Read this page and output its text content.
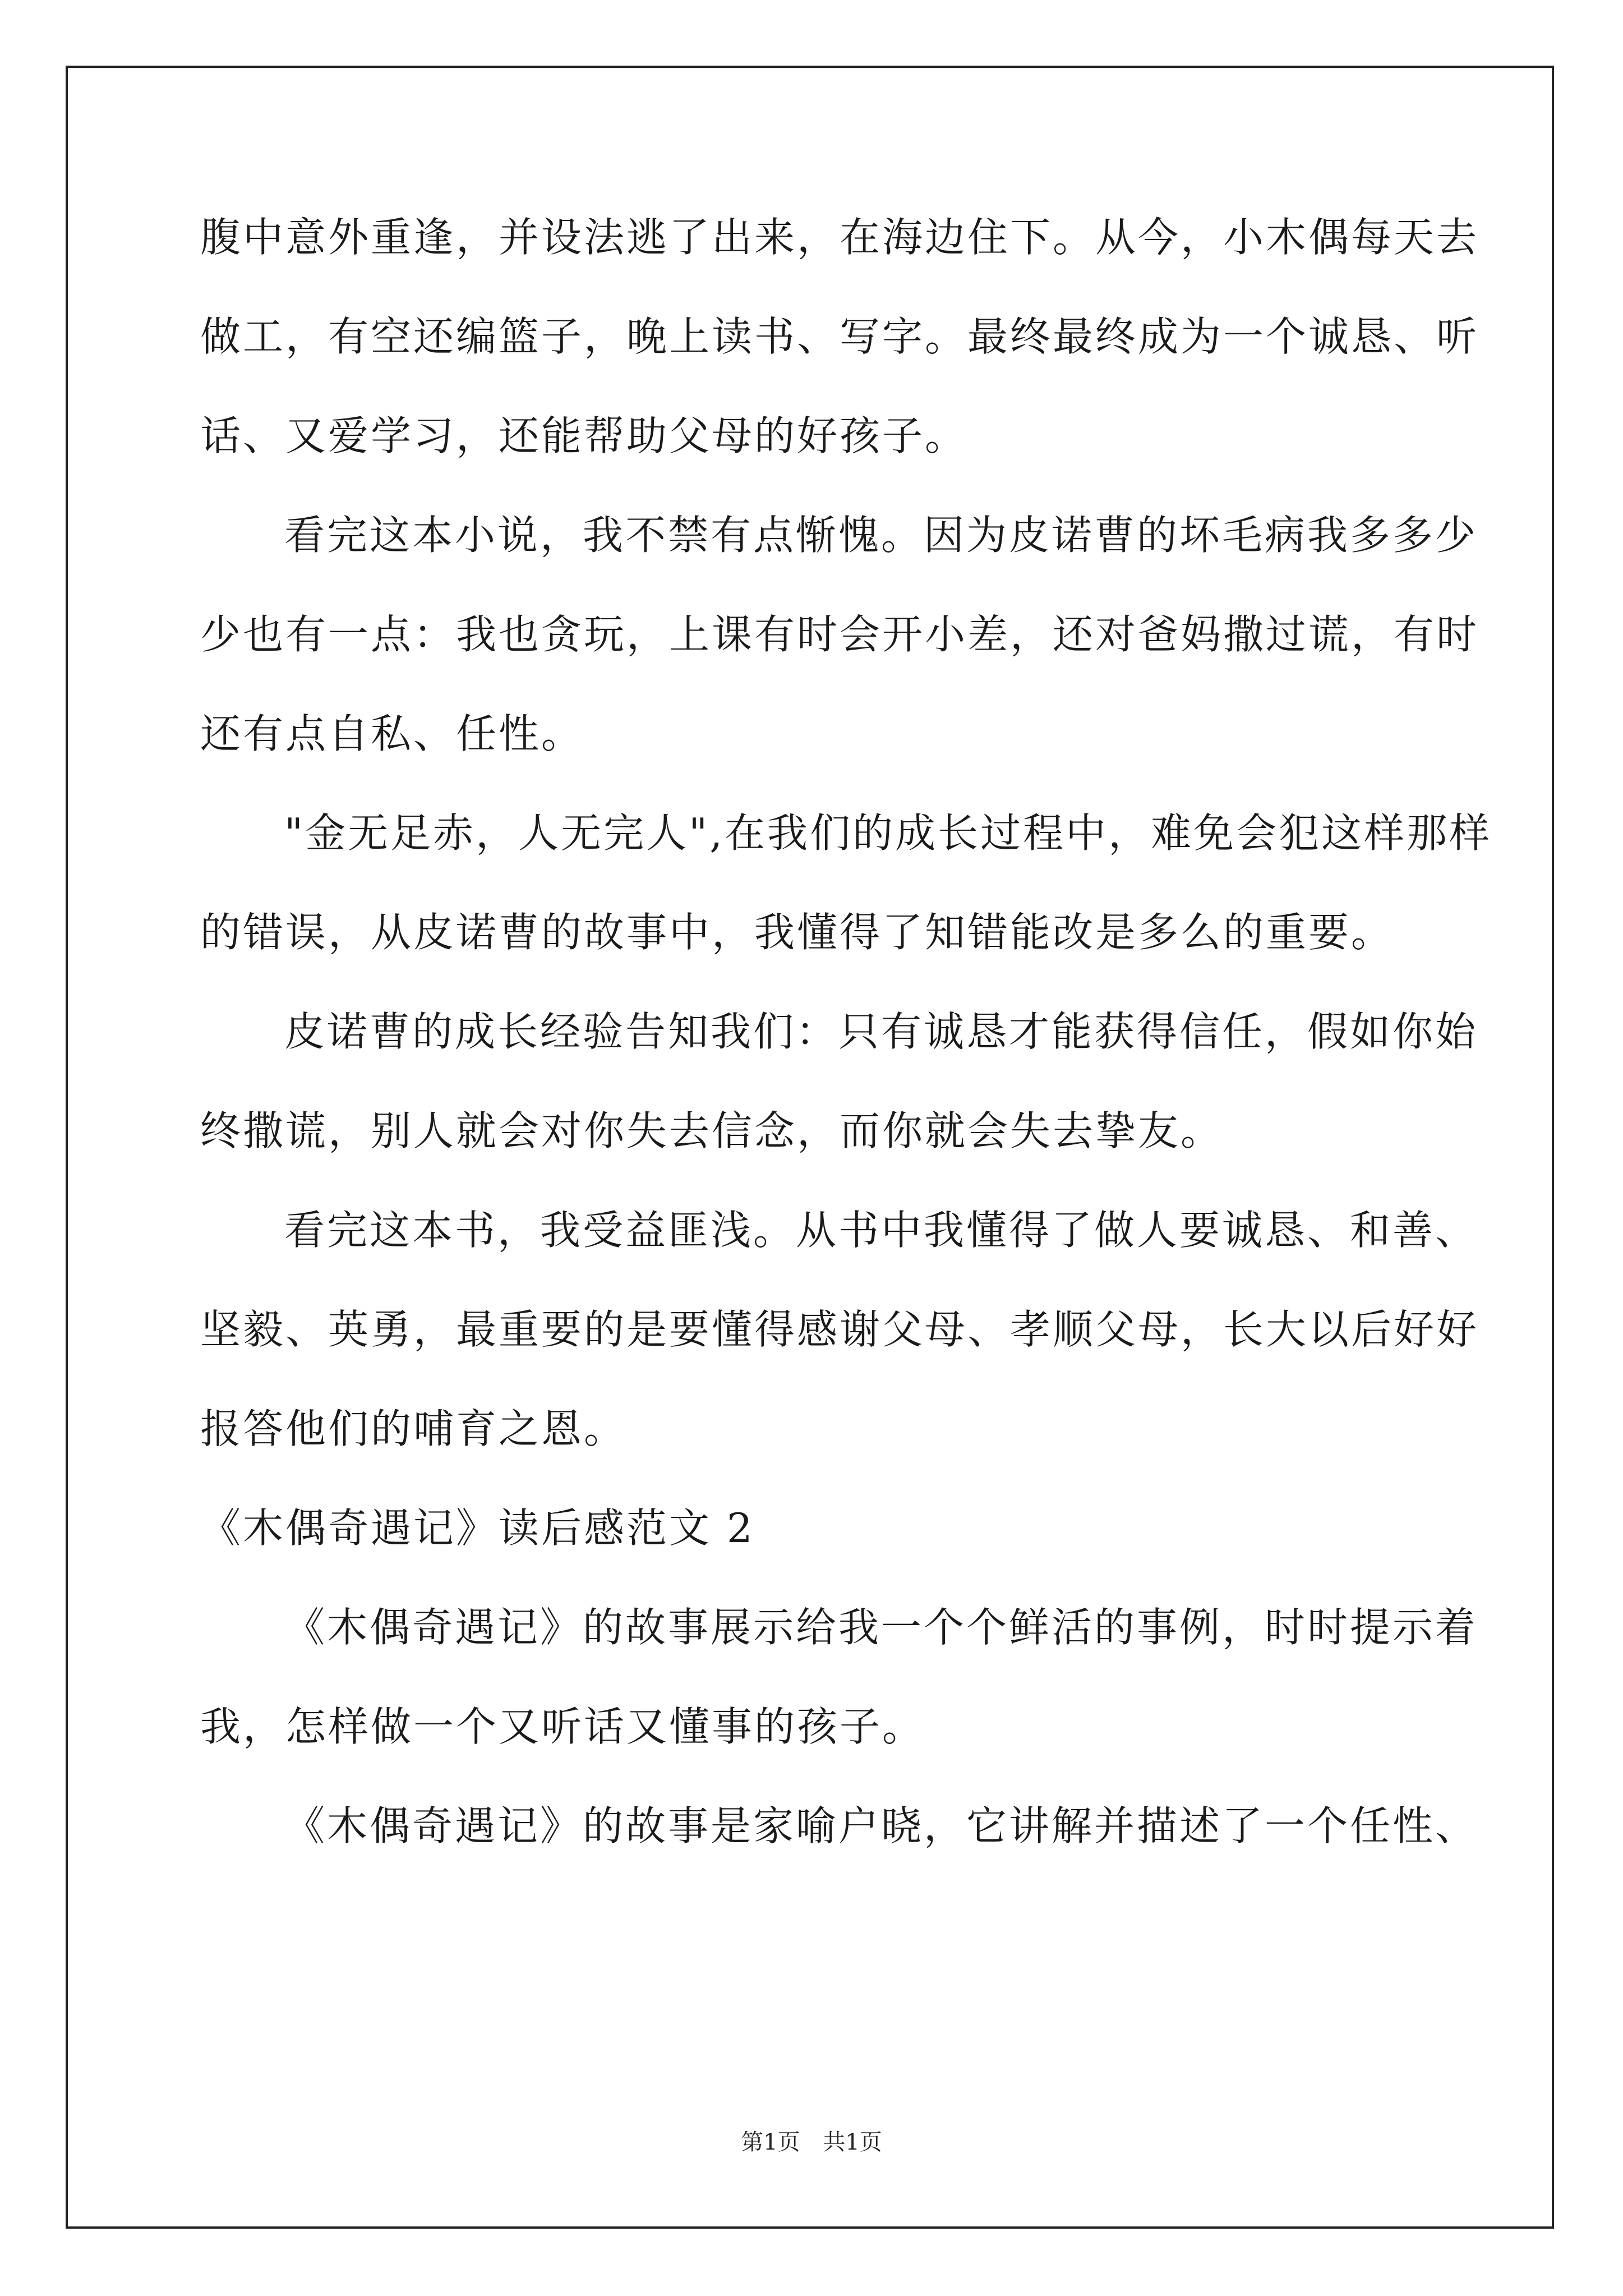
腹中意外重逢，并设法逃了出来，在海边住下。从今，小木偶每天去
做工，有空还编篮子，晚上读书、写字。最终最终成为一个诚恳、听
话、又爱学习，还能帮助父母的好孩子。
看完这本小说，我不禁有点惭愧。因为皮诺曹的坏毛病我多多少
少也有一点：我也贪玩，上课有时会开小差，还对爸妈撒过谎，有时
还有点自私、任性。
"金无足赤，人无完人",在我们的成长过程中，难免会犯这样那样
的错误，从皮诺曹的故事中，我懂得了知错能改是多么的重要。
皮诺曹的成长经验告知我们：只有诚恳才能获得信任，假如你始
终撒谎，别人就会对你失去信念，而你就会失去挚友。
看完这本书，我受益匪浅。从书中我懂得了做人要诚恳、和善、
坚毅、英勇，最重要的是要懂得感谢父母、孝顺父母，长大以后好好
报答他们的哺育之恩。
《木偶奇遇记》读后感范文 2
《木偶奇遇记》的故事展示给我一个个鲜活的事例，时时提示着
我，怎样做一个又听话又懂事的孩子。
《木偶奇遇记》的故事是家喻户晓，它讲解并描述了一个任性、
第1页 共1页
